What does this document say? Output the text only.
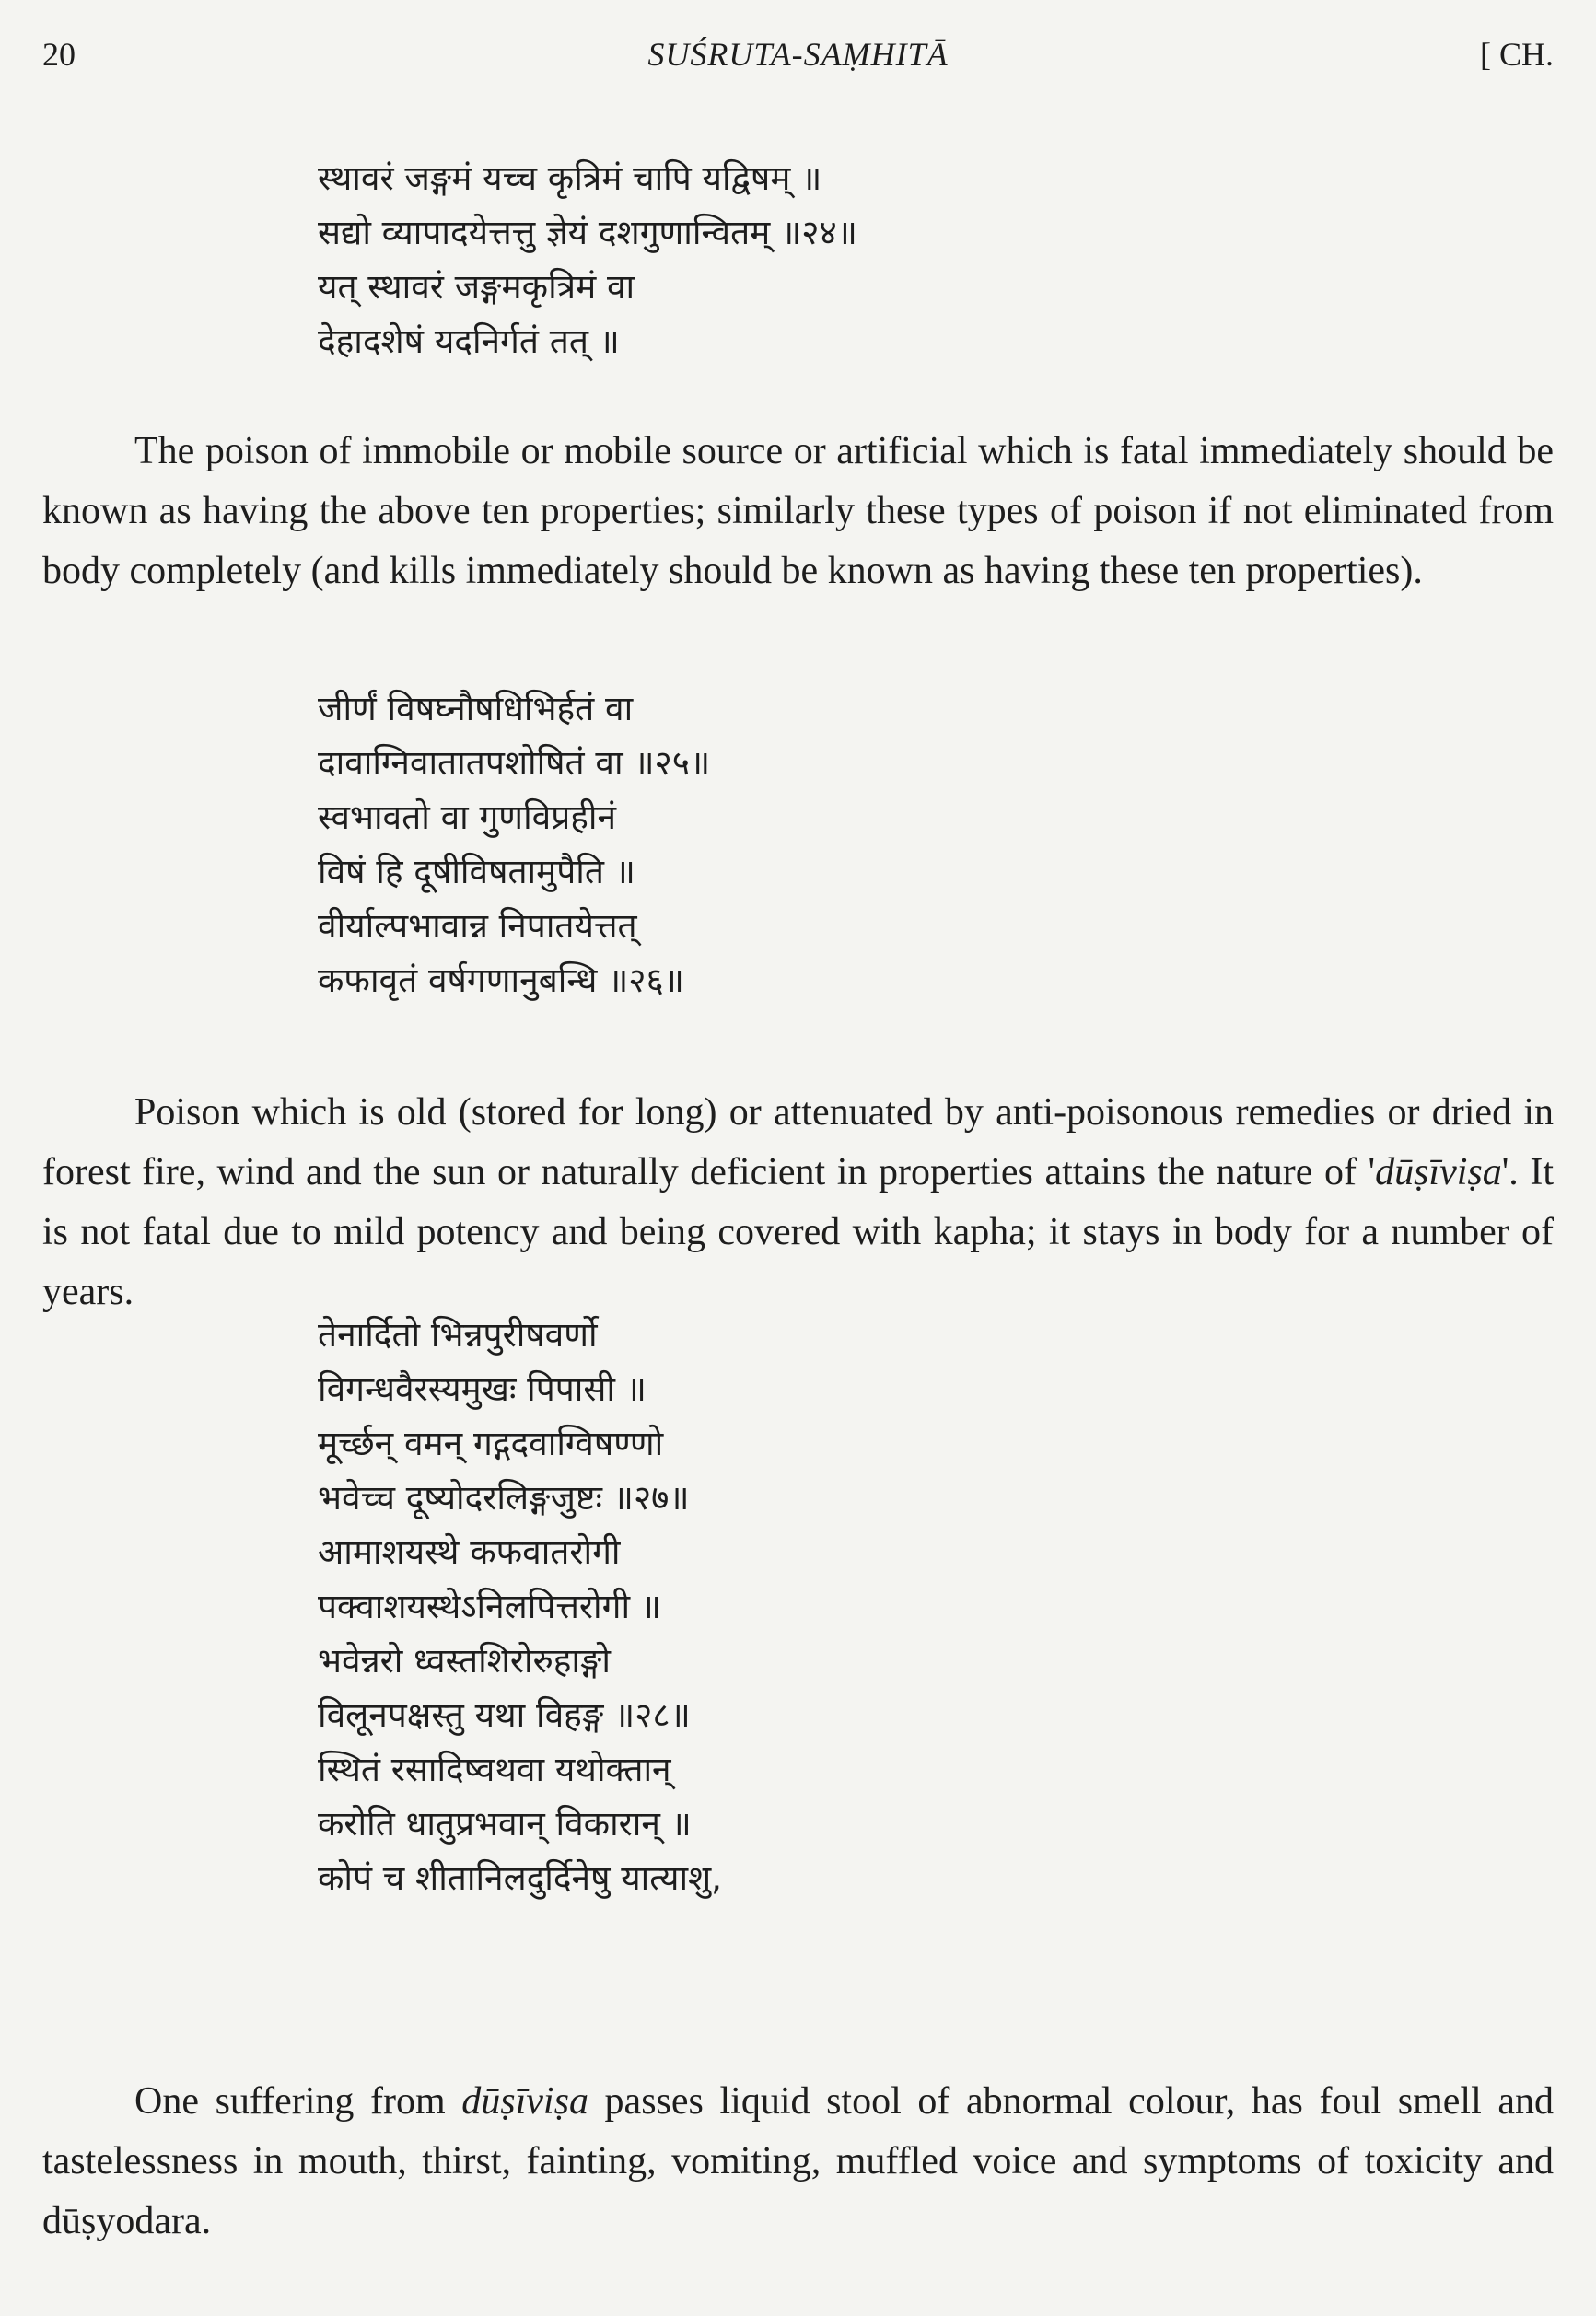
20	SUŚRUTA-SAṂHITĀ	[ CH.
स्थावरं जङ्गमं यच्च कृत्रिमं चापि यद्विषम् ॥
सद्यो व्यापादयेत्तत्तु ज्ञेयं दशगुणान्वितम् ॥२४॥
यत् स्थावरं जङ्गमकृत्रिमं वा
देहादशेषं यदनिर्गतं तत् ॥

The poison of immobile or mobile source or artificial which is fatal immediately should be known as having the above ten properties; similarly these types of poison if not eliminated from body completely (and kills immediately should be known as having these ten properties).

जीर्णं विषघ्नौषधिभिर्हतं वा
दावाग्निवातातपशोषितं वा ॥२५॥
स्वभावतो वा गुणविप्रहीनं
विषं हि दूषीविषतामुपैति ॥
वीर्याल्पभावान्न निपातयेत्तत्
कफावृतं वर्षगणानुबन्धि ॥२६॥

Poison which is old (stored for long) or attenuated by anti-poisonous remedies or dried in forest fire, wind and the sun or naturally deficient in properties attains the nature of 'dūṣīviṣa'. It is not fatal due to mild potency and being covered with kapha; it stays in body for a number of years.

तेनार्दितो भिन्नपुरीषवर्णो
विगन्धवैरस्यमुखः पिपासी ॥
मूर्च्छन् वमन् गद्गदवाग्विषण्णो
भवेच्च दूष्योदरलिङ्गजुष्टः ॥२७॥
आमाशयस्थे कफवातरोगी
पक्वाशयस्थेऽनिलपित्तरोगी ॥
भवेन्नरो ध्वस्तशिरोरुहाङ्गो
विलूनपक्षस्तु यथा विहङ्ग ॥२८॥
स्थितं रसादिष्वथवा यथोक्तान्
करोति धातुप्रभवान् विकारान् ॥
कोपं च शीतानिलदुर्दिनेषु यात्याशु,

One suffering from dūṣīviṣa passes liquid stool of abnormal colour, has foul smell and tastelessness in mouth, thirst, fainting, vomiting, muffled voice and symptoms of toxicity and dūṣyodara.
